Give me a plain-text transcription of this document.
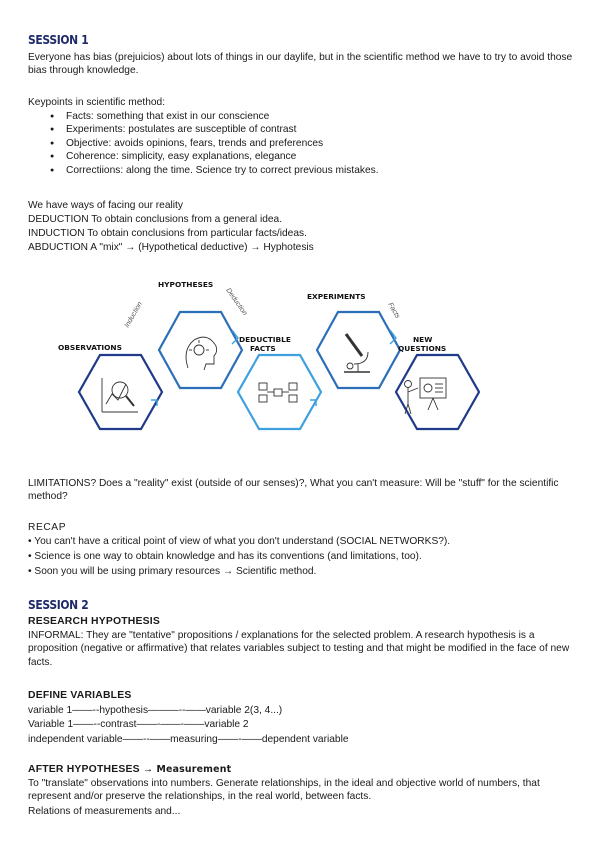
SESSION 1

Everyone has bias (prejuicios) about lots of things in our daylife, but in the scientific method we have to try to avoid those bias through knowledge.

Keypoints in scientific method:

● Facts: something that exist in our conscience
● Experiments: postulates are susceptible of contrast
● Objective: avoids opinions, fears, trends and preferences
● Coherence: simplicity, easy explanations, elegance
● Correctiions: along the time. Science try to correct previous mistakes.

We have ways of facing our reality

DEDUCTION To obtain conclusions from a general idea.

INDUCTION To obtain conclusions from particular facts/ideas.

ABDUCTION A "mix" → (Hypothetical deductive) → Hyphotesis

OBSERVATIONS
HYPOTHESES
DEDUCTIBLE
FACTS
EXPERIMENTS
NEW
QUESTIONS
Induction	Deduction	Facts

LIMITATIONS? Does a "reality" exist (outside of our senses)?, What you can't measure: Will be "stuff" for the scientific method?

RECAP

• You can't have a critical point of view of what you don't understand (SOCIAL NETWORKS?).

• Science is one way to obtain knowledge and has its conventions (and limitations, too).

• Soon you will be using primary resources → Scientific method.

SESSION 2

RESEARCH HYPOTHESIS

INFORMAL: They are "tentative" propositions / explanations for the selected problem. A research hypothesis is a proposition (negative or affirmative) that relates variables subject to testing and that might be modified in the face of new facts.

DEFINE VARIABLES

variable 1——--hypothesis———--——variable 2(3, 4...)

Variable 1——--contrast——-——-——variable 2

independent variable——--——measuring——-——dependent variable

AFTER HYPOTHESES → Measurement

To "translate" observations into numbers. Generate relationships, in the ideal and objective world of numbers, that represent and/or preserve the relationships, in the real world, between facts.

Relations of measurements and...
